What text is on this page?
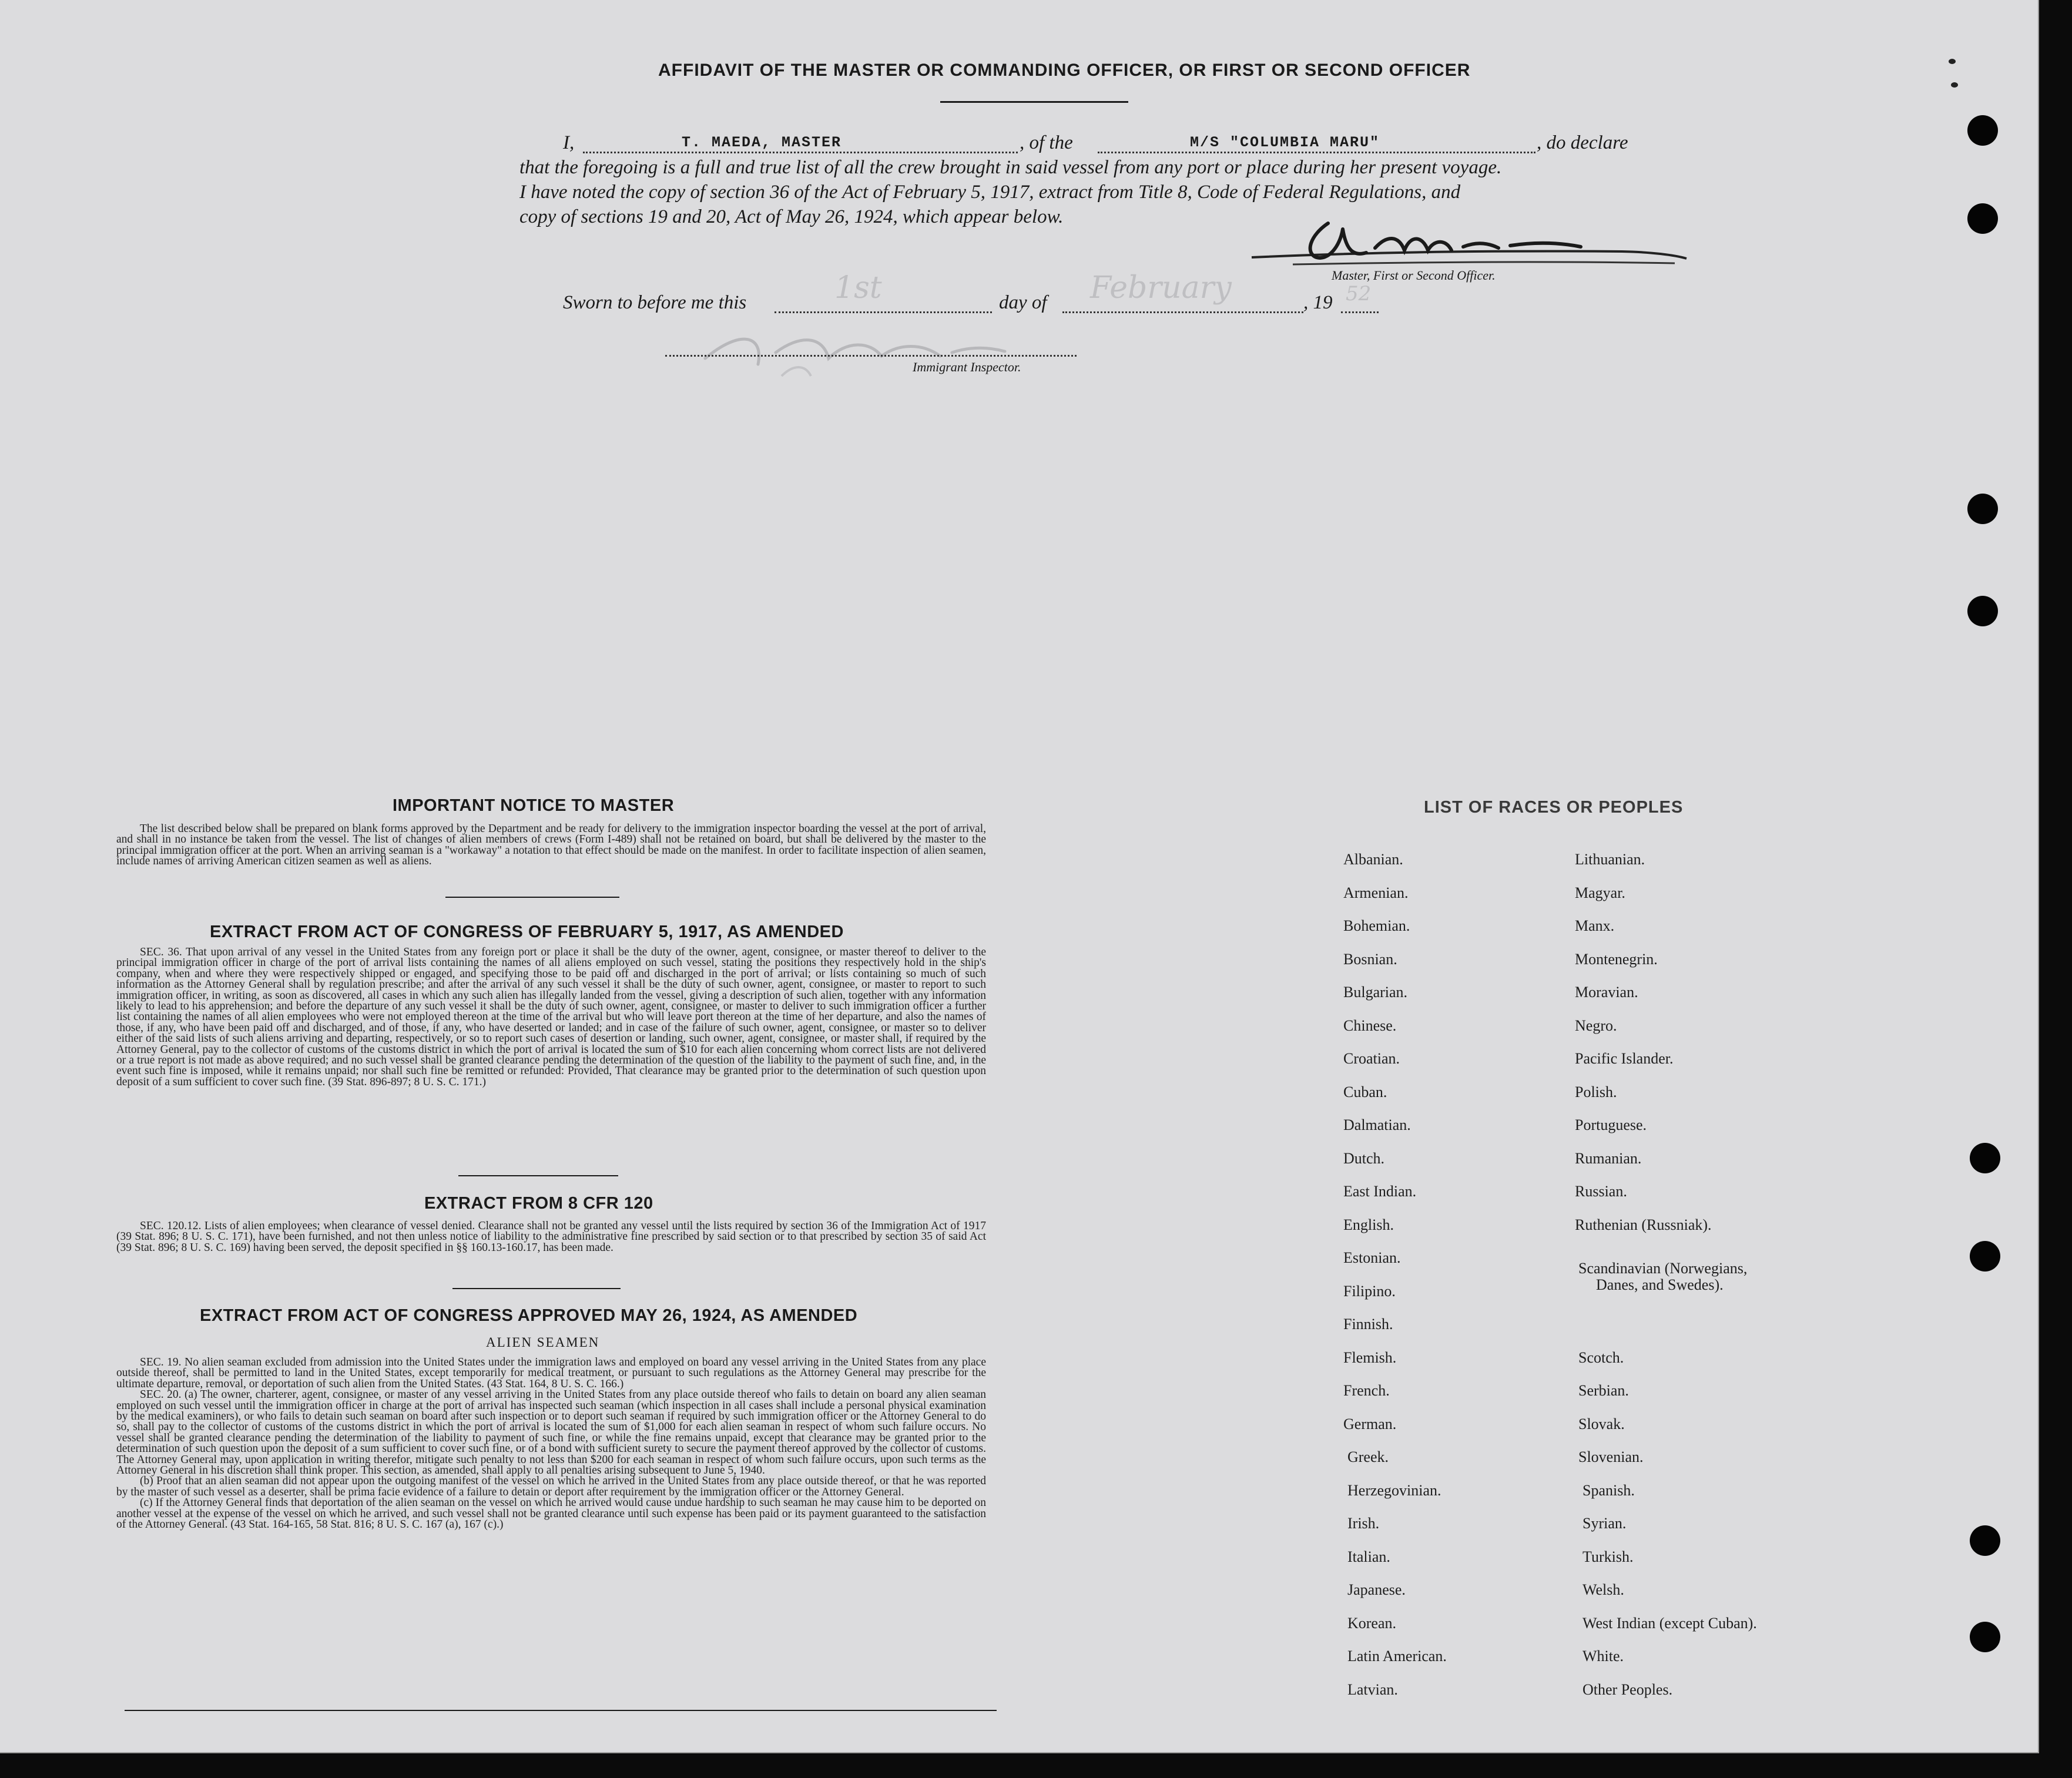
AFFIDAVIT OF THE MASTER OR COMMANDING OFFICER, OR FIRST OR SECOND OFFICER
I,	T. MAEDA, MASTER	, of the	M/S "COLUMBIA MARU"	, do declare
that the foregoing is a full and true list of all the crew brought in said vessel from any port or place during her present voyage.
I have noted the copy of section 36 of the Act of February 5, 1917, extract from Title 8, Code of Federal Regulations, and
copy of sections 19 and 20, Act of May 26, 1924, which appear below.
Master, First or Second Officer.
Sworn to before me this	1st	day of February	, 19 52
Immigrant Inspector.
IMPORTANT NOTICE TO MASTER

The list described below shall be prepared on blank forms approved by the Department and be ready for delivery to the immigration inspector boarding the vessel at the port of arrival, and shall in no instance be taken from the vessel. The list of changes of alien members of crews (Form I-489) shall not be retained on board, but shall be delivered by the master to the principal immigration officer at the port. When an arriving seaman is a "workaway" a notation to that effect should be made on the manifest. In order to facilitate inspection of alien seamen, include names of arriving American citizen seamen as well as aliens.

EXTRACT FROM ACT OF CONGRESS OF FEBRUARY 5, 1917, AS AMENDED

SEC. 36. That upon arrival of any vessel in the United States from any foreign port or place it shall be the duty of the owner, agent, consignee, or master thereof to deliver to the principal immigration officer in charge of the port of arrival lists containing the names of all aliens employed on such vessel, stating the positions they respectively hold in the ship's company, when and where they were respectively shipped or engaged, and specifying those to be paid off and discharged in the port of arrival; or lists containing so much of such information as the Attorney General shall by regulation prescribe; and after the arrival of any such vessel it shall be the duty of such owner, agent, consignee, or master to report to such immigration officer, in writing, as soon as discovered, all cases in which any such alien has illegally landed from the vessel, giving a description of such alien, together with any information likely to lead to his apprehension; and before the departure of any such vessel it shall be the duty of such owner, agent, consignee, or master to deliver to such immigration officer a further list containing the names of all alien employees who were not employed thereon at the time of the arrival but who will leave port thereon at the time of her departure, and also the names of those, if any, who have been paid off and discharged, and of those, if any, who have deserted or landed; and in case of the failure of such owner, agent, consignee, or master so to deliver either of the said lists of such aliens arriving and departing, respectively, or so to report such cases of desertion or landing, such owner, agent, consignee, or master shall, if required by the Attorney General, pay to the collector of customs of the customs district in which the port of arrival is located the sum of $10 for each alien concerning whom correct lists are not delivered or a true report is not made as above required; and no such vessel shall be granted clearance pending the determination of the question of the liability to the payment of such fine, and, in the event such fine is imposed, while it remains unpaid; nor shall such fine be remitted or refunded: Provided, That clearance may be granted prior to the determination of such question upon deposit of a sum sufficient to cover such fine. (39 Stat. 896-897; 8 U. S. C. 171.)

EXTRACT FROM 8 CFR 120

SEC. 120.12. Lists of alien employees; when clearance of vessel denied. Clearance shall not be granted any vessel until the lists required by section 36 of the Immigration Act of 1917 (39 Stat. 896; 8 U. S. C. 171), have been furnished, and not then unless notice of liability to the administrative fine prescribed by said section or to that prescribed by section 35 of said Act (39 Stat. 896; 8 U. S. C. 169) having been served, the deposit specified in §§ 160.13-160.17, has been made.

EXTRACT FROM ACT OF CONGRESS APPROVED MAY 26, 1924, AS AMENDED
ALIEN SEAMEN

SEC. 19. No alien seaman excluded from admission into the United States under the immigration laws and employed on board any vessel arriving in the United States from any place outside thereof, shall be permitted to land in the United States, except temporarily for medical treatment, or pursuant to such regulations as the Attorney General may prescribe for the ultimate departure, removal, or deportation of such alien from the United States. (43 Stat. 164, 8 U. S. C. 166.)

SEC. 20. (a) The owner, charterer, agent, consignee, or master of any vessel arriving in the United States from any place outside thereof who fails to detain on board any alien seaman employed on such vessel until the immigration officer in charge at the port of arrival has inspected such seaman (which inspection in all cases shall include a personal physical examination by the medical examiners), or who fails to detain such seaman on board after such inspection or to deport such seaman if required by such immigration officer or the Attorney General to do so, shall pay to the collector of customs of the customs district in which the port of arrival is located the sum of $1,000 for each alien seaman in respect of whom such failure occurs. No vessel shall be granted clearance pending the determination of the liability to payment of such fine, or while the fine remains unpaid, except that clearance may be granted prior to the determination of such question upon the deposit of a sum sufficient to cover such fine, or of a bond with sufficient surety to secure the payment thereof approved by the collector of customs. The Attorney General may, upon application in writing therefor, mitigate such penalty to not less than $200 for each seaman in respect of whom such failure occurs, upon such terms as the Attorney General in his discretion shall think proper. This section, as amended, shall apply to all penalties arising subsequent to June 5, 1940.

(b) Proof that an alien seaman did not appear upon the outgoing manifest of the vessel on which he arrived in the United States from any place outside thereof, or that he was reported by the master of such vessel as a deserter, shall be prima facie evidence of a failure to detain or deport after requirement by the immigration officer or the Attorney General.

(c) If the Attorney General finds that deportation of the alien seaman on the vessel on which he arrived would cause undue hardship to such seaman he may cause him to be deported on another vessel at the expense of the vessel on which he arrived, and such vessel shall not be granted clearance until such expense has been paid or its payment guaranteed to the satisfaction of the Attorney General. (43 Stat. 164-165, 58 Stat. 816; 8 U. S. C. 167 (a), 167 (c).)

LIST OF RACES OR PEOPLES
Albanian.
Armenian.
Bohemian.
Bosnian.
Bulgarian.
Chinese.
Croatian.
Cuban.
Dalmatian.
Dutch.
East Indian.
English.
Estonian.
Filipino.
Finnish.
Flemish.
French.
German.
Greek.
Herzegovinian.
Irish.
Italian.
Japanese.
Korean.
Latin American.
Latvian.
Lithuanian.
Magyar.
Manx.
Montenegrin.
Moravian.
Negro.
Pacific Islander.
Polish.
Portuguese.
Rumanian.
Russian.
Ruthenian (Russniak).
Scandinavian (Norwegians,
Danes, and Swedes).
Scotch.
Serbian.
Slovak.
Slovenian.
Spanish.
Syrian.
Turkish.
Welsh.
West Indian (except Cuban).
White.
Other Peoples.
